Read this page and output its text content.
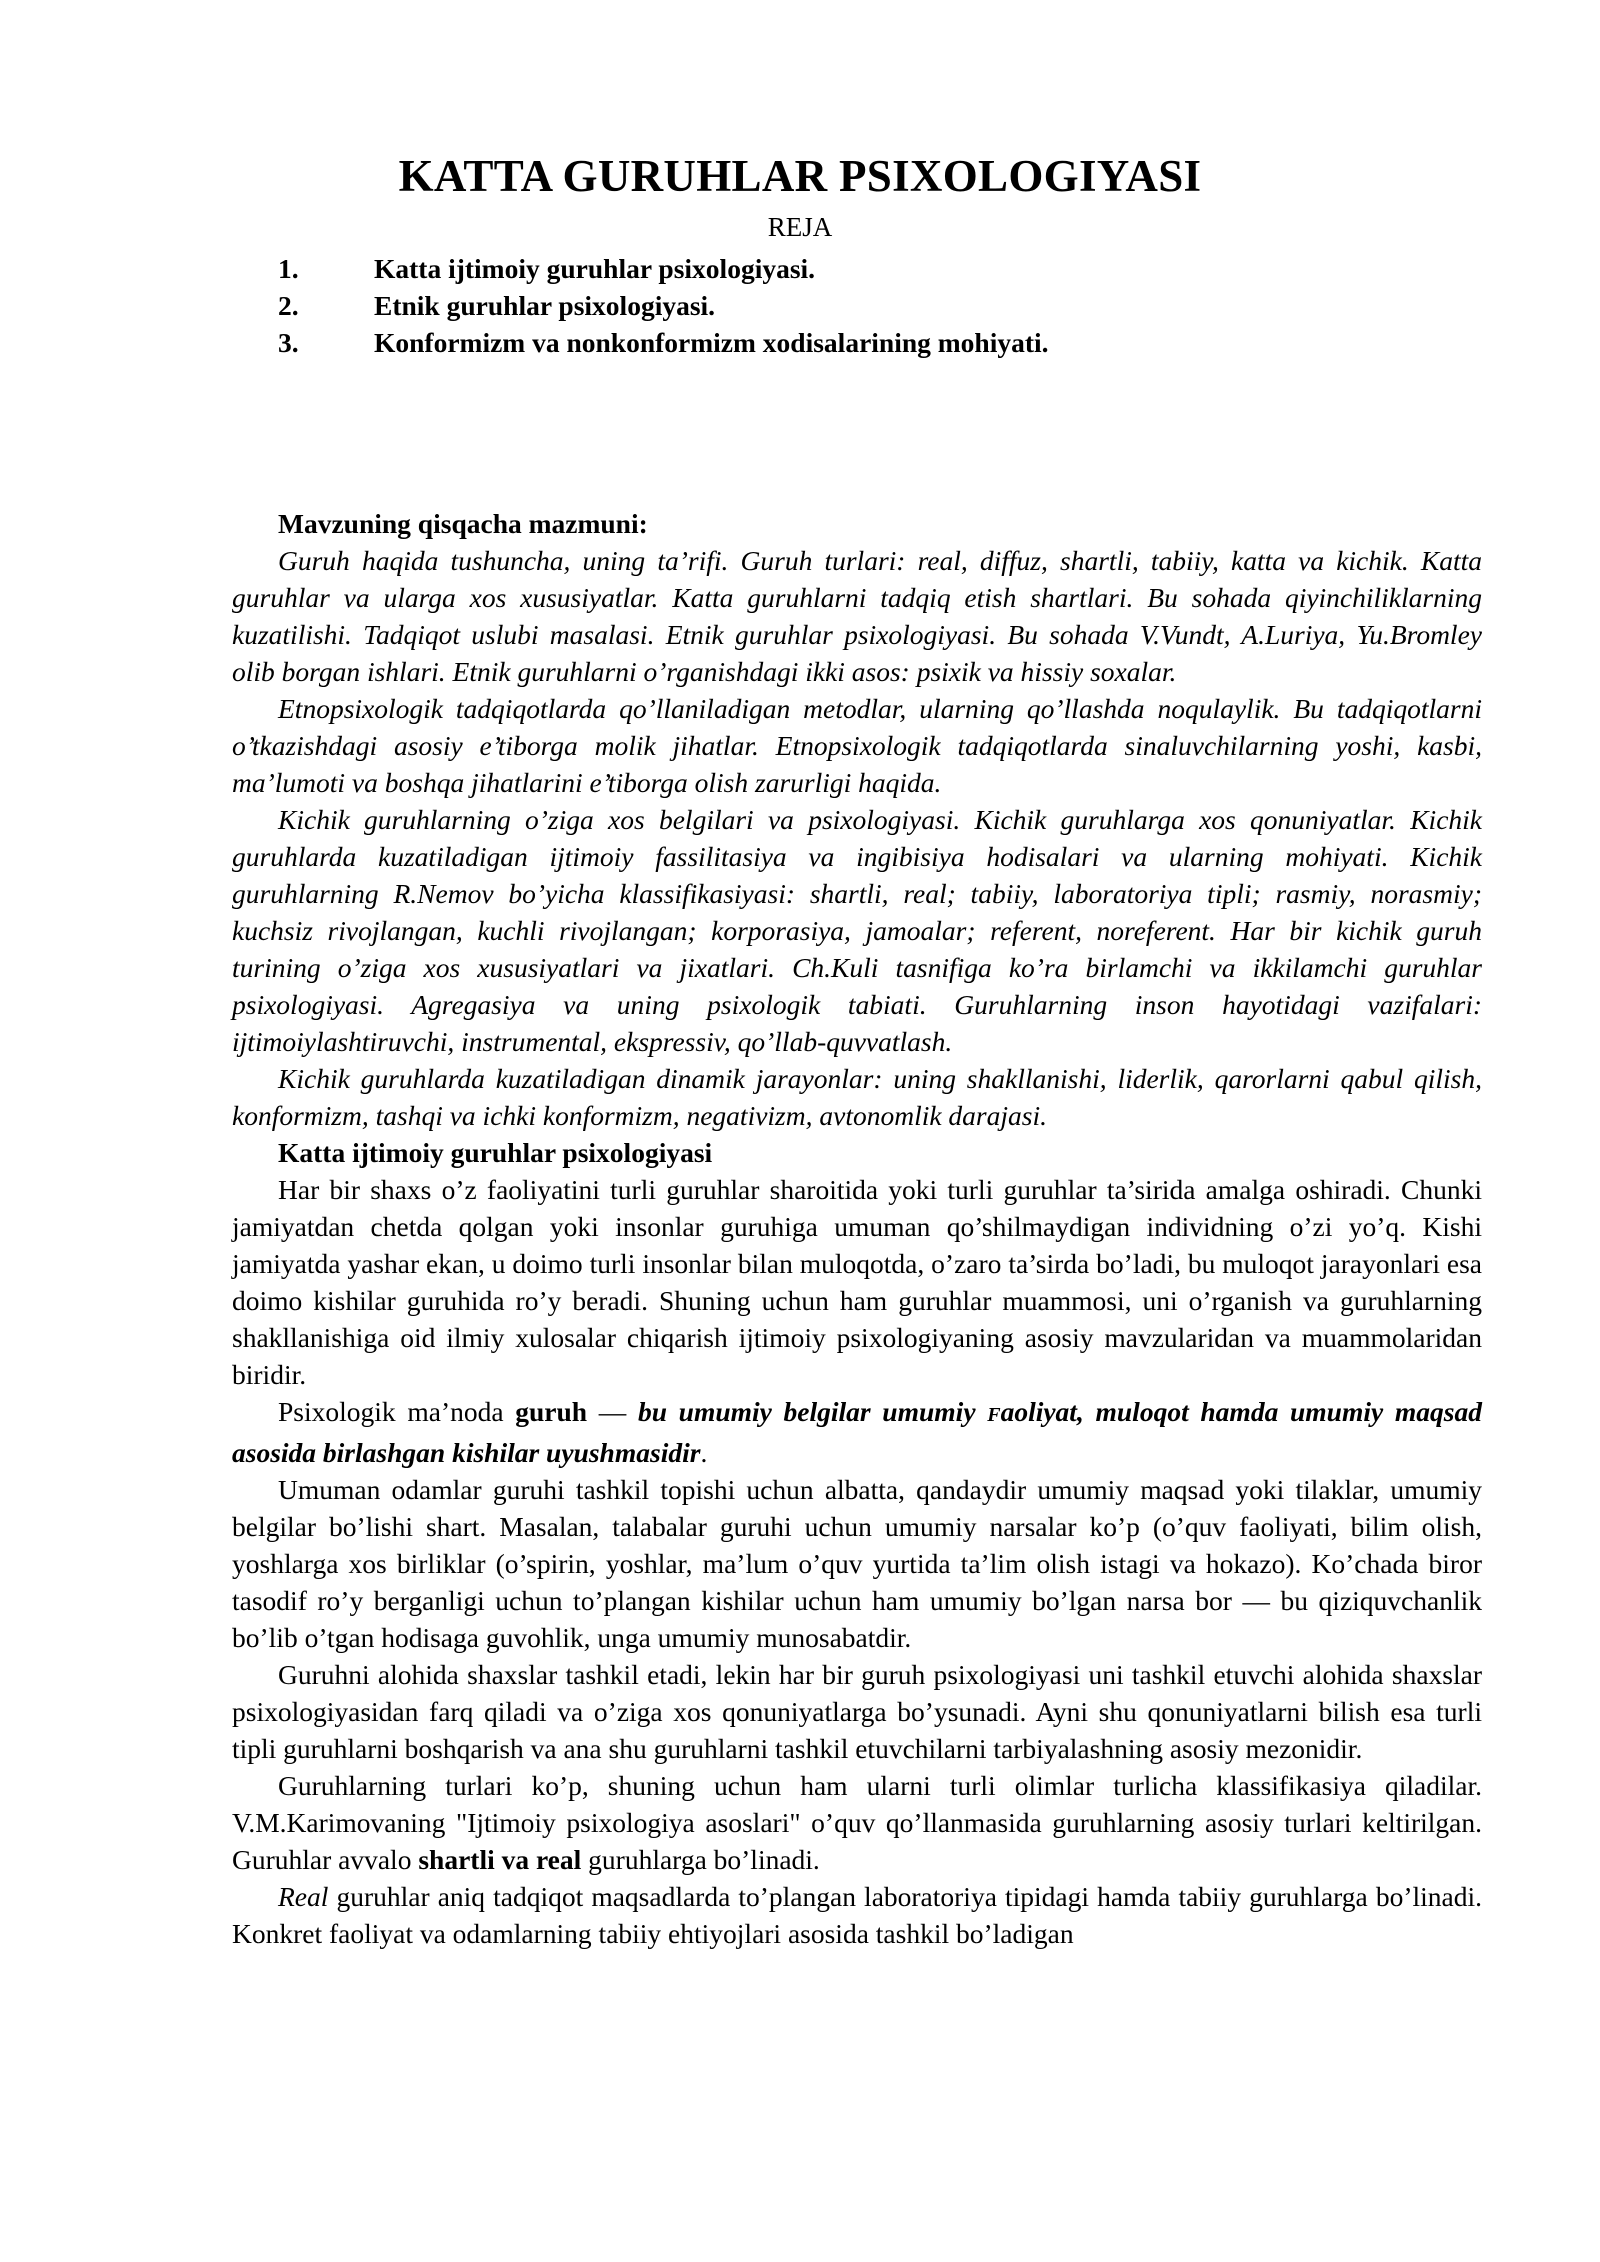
KATTA GURUHLAR PSIXOLOGIYASI
REJA
1.	Katta ijtimoiy guruhlar psixologiyasi.
2.	Etnik guruhlar psixologiyasi.
3.	Konformizm va nonkonformizm xodisalarining mohiyati.
Mavzuning qisqacha mazmuni:

Guruh haqida tushuncha, uning ta’rifi. Guruh turlari: real, diffuz, shartli, tabiiy, katta va kichik. Katta guruhlar va ularga xos xususiyatlar. Katta guruhlarni tadqiq etish shartlari. Bu sohada qiyinchiliklarning kuzatilishi. Tadqiqot uslubi masalasi. Etnik guruhlar psixologiyasi. Bu sohada V.Vundt, A.Luriya, Yu.Bromley olib borgan ishlari. Etnik guruhlarni o’rganishdagi ikki asos: psixik va hissiy soxalar.

Etnopsixologik tadqiqotlarda qo’llaniladigan metodlar, ularning qo’llashda noqulaylik. Bu tadqiqotlarni o’tkazishdagi asosiy e’tiborga molik jihatlar. Etnopsixologik tadqiqotlarda sinaluvchilarning yoshi, kasbi, ma’lumoti va boshqa jihatlarini e’tiborga olish zarurligi haqida.

Kichik guruhlarning o’ziga xos belgilari va psixologiyasi. Kichik guruhlarga xos qonuniyatlar. Kichik guruhlarda kuzatiladigan ijtimoiy fassilitasiya va ingibisiya hodisalari va ularning mohiyati. Kichik guruhlarning R.Nemov bo’yicha klassifikasiyasi: shartli, real; tabiiy, laboratoriya tipli; rasmiy, norasmiy; kuchsiz rivojlangan, kuchli rivojlangan; korporasiya, jamoalar; referent, noreferent. Har bir kichik guruh turining o’ziga xos xususiyatlari va jixatlari. Ch.Kuli tasnifiga ko’ra birlamchi va ikkilamchi guruhlar psixologiyasi. Agregasiya va uning psixologik tabiati. Guruhlarning inson hayotidagi vazifalari: ijtimoiylashtiruvchi, instrumental, ekspressiv, qo’llab-quvvatlash.

Kichik guruhlarda kuzatiladigan dinamik jarayonlar: uning shakllanishi, liderlik, qarorlarni qabul qilish, konformizm, tashqi va ichki konformizm, negativizm, avtonomlik darajasi.

Katta ijtimoiy guruhlar psixologiyasi

Har bir shaxs o’z faoliyatini turli guruhlar sharoitida yoki turli guruhlar ta’sirida amalga oshiradi. Chunki jamiyatdan chetda qolgan yoki insonlar guruhiga umuman qo’shilmaydigan individning o’zi yo’q. Kishi jamiyatda yashar ekan, u doimo turli insonlar bilan muloqotda, o’zaro ta’sirda bo’ladi, bu muloqot jarayonlari esa doimo kishilar guruhida ro’y beradi. Shuning uchun ham guruhlar muammosi, uni o’rganish va guruhlarning shakllanishiga oid ilmiy xulosalar chiqarish ijtimoiy psixologiyaning asosiy mavzularidan va muammolaridan biridir.

Psixologik ma’noda guruh — bu umumiy belgilar umumiy Faoliyat, muloqot hamda umumiy maqsad asosida birlashgan kishilar uyushmasidir.

Umuman odamlar guruhi tashkil topishi uchun albatta, qandaydir umumiy maqsad yoki tilaklar, umumiy belgilar bo’lishi shart. Masalan, talabalar guruhi uchun umumiy narsalar ko’p (o’quv faoliyati, bilim olish, yoshlarga xos birliklar (o’spirin, yoshlar, ma’lum o’quv yurtida ta’lim olish istagi va hokazo). Ko’chada biror tasodif ro’y berganligi uchun to’plangan kishilar uchun ham umumiy bo’lgan narsa bor — bu qiziquvchanlik bo’lib o’tgan hodisaga guvohlik, unga umumiy munosabatdir.

Guruhni alohida shaxslar tashkil etadi, lekin har bir guruh psixologiyasi uni tashkil etuvchi alohida shaxslar psixologiyasidan farq qiladi va o’ziga xos qonuniyatlarga bo’ysunadi. Ayni shu qonuniyatlarni bilish esa turli tipli guruhlarni boshqarish va ana shu guruhlarni tashkil etuvchilarni tarbiyalashning asosiy mezonidir.

Guruhlarning turlari ko’p, shuning uchun ham ularni turli olimlar turlicha klassifikasiya qiladilar. V.M.Karimovaning "Ijtimoiy psixologiya asoslari" o’quv qo’llanmasida guruhlarning asosiy turlari keltirilgan. Guruhlar avvalo shartli va real guruhlarga bo’linadi.

Real guruhlar aniq tadqiqot maqsadlarda to’plangan laboratoriya tipidagi hamda tabiiy guruhlarga bo’linadi. Konkret faoliyat va odamlarning tabiiy ehtiyojlari asosida tashkil bo’ladigan
